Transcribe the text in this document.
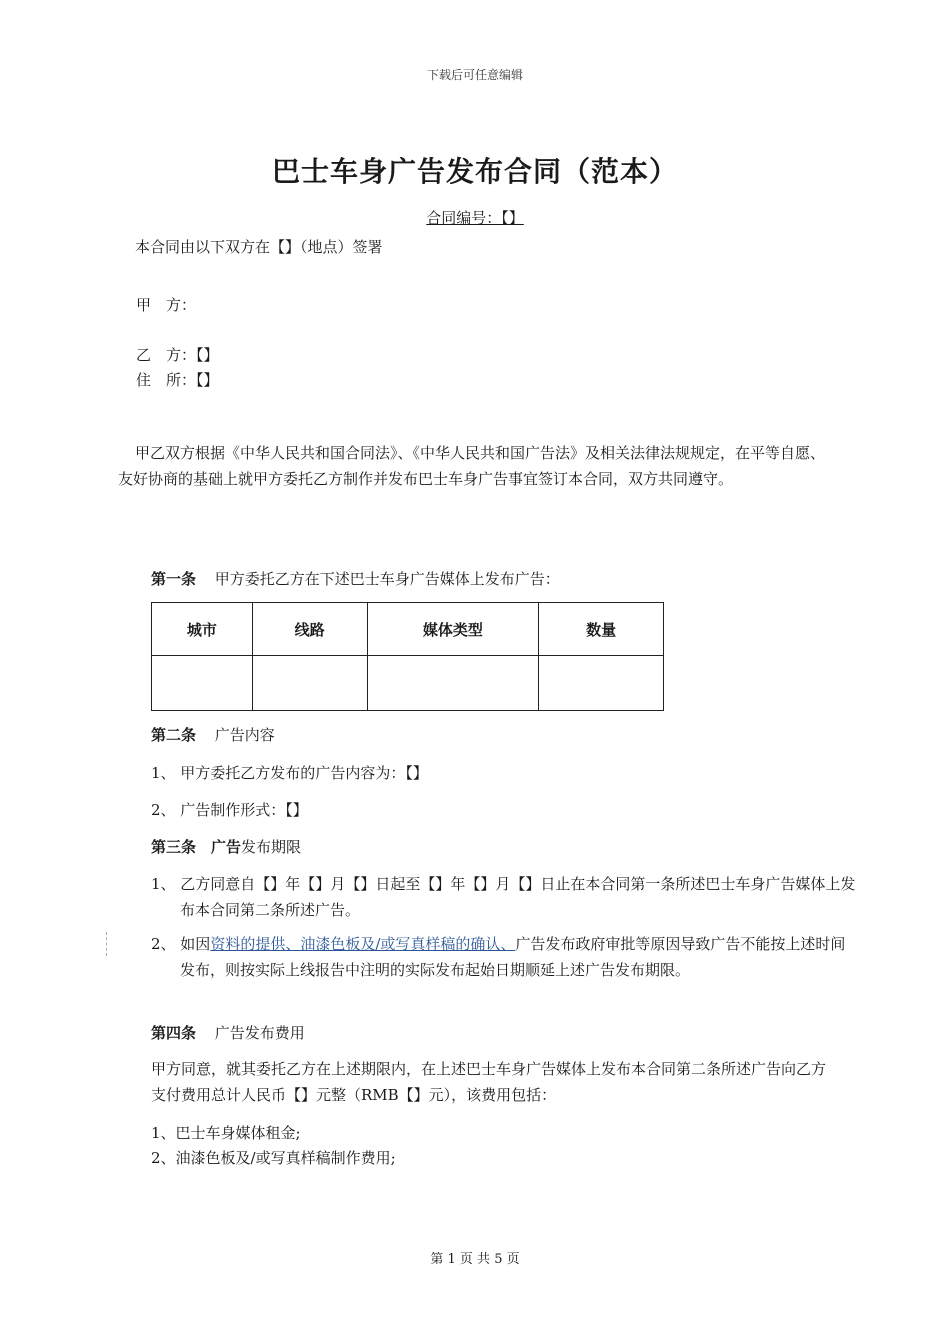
下载后可任意编辑
巴士车身广告发布合同（范本）
合同编号：【】
本合同由以下双方在【】（地点）签署
甲　方：
乙　方：【】
住　所：【】
甲乙双方根据《中华人民共和国合同法》、《中华人民共和国广告法》及相关法律法规规定，在平等自愿、友好协商的基础上就甲方委托乙方制作并发布巴士车身广告事宜签订本合同，双方共同遵守。
第一条 甲方委托乙方在下述巴士车身广告媒体上发布广告：
城市	线路	媒体类型	数量

第二条 广告内容
1、 甲方委托乙方发布的广告内容为：【】
2、 广告制作形式：【】
第三条　广告发布期限
1、 乙方同意自【】年【】月【】日起至【】年【】月【】日止在本合同第一条所述巴士车身广告媒体上发布本合同第二条所述广告。
2、 如因资料的提供、油漆色板及/或写真样稿的确认、广告发布政府审批等原因导致广告不能按上述时间发布，则按实际上线报告中注明的实际发布起始日期顺延上述广告发布期限。
第四条 广告发布费用
甲方同意，就其委托乙方在上述期限内，在上述巴士车身广告媒体上发布本合同第二条所述广告向乙方支付费用总计人民币【】元整（RMB【】元），该费用包括：
1、巴士车身媒体租金;
2、油漆色板及/或写真样稿制作费用;
第 1 页 共 5 页
